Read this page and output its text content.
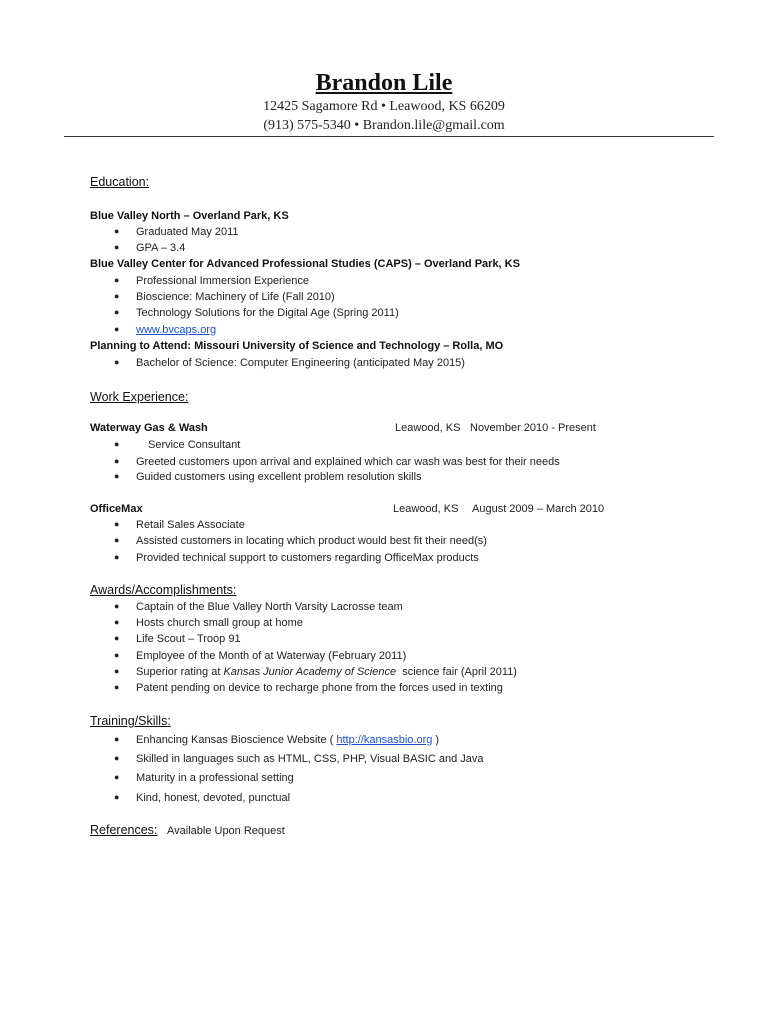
Brandon Lile
12425 Sagamore Rd • Leawood, KS 66209
(913) 575-5340 • Brandon.lile@gmail.com
Education:
Blue Valley North – Overland Park, KS
● Graduated May 2011
● GPA – 3.4
Blue Valley Center for Advanced Professional Studies (CAPS) – Overland Park, KS
● Professional Immersion Experience
● Bioscience: Machinery of Life (Fall 2010)
● Technology Solutions for the Digital Age (Spring 2011)
● www.bvcaps.org
Planning to Attend: Missouri University of Science and Technology – Rolla, MO
● Bachelor of Science: Computer Engineering (anticipated May 2015)
Work Experience:
Waterway Gas & Wash	Leawood, KS November 2010 - Present
●	Service Consultant
● Greeted customers upon arrival and explained which car wash was best for their needs
● Guided customers using excellent problem resolution skills
OfficeMax	Leawood, KS August 2009 – March 2010
● Retail Sales Associate
● Assisted customers in locating which product would best fit their need(s)
● Provided technical support to customers regarding OfficeMax products
Awards/Accomplishments:
● Captain of the Blue Valley North Varsity Lacrosse team
● Hosts church small group at home
● Life Scout – Troop 91
● Employee of the Month of at Waterway (February 2011)
● Superior rating at Kansas Junior Academy of Science  science fair (April 2011)
● Patent pending on device to recharge phone from the forces used in texting
Training/Skills:
● Enhancing Kansas Bioscience Website ( http://kansasbio.org )
● Skilled in languages such as HTML, CSS, PHP, Visual BASIC and Java
● Maturity in a professional setting
● Kind, honest, devoted, punctual
References: Available Upon Request
